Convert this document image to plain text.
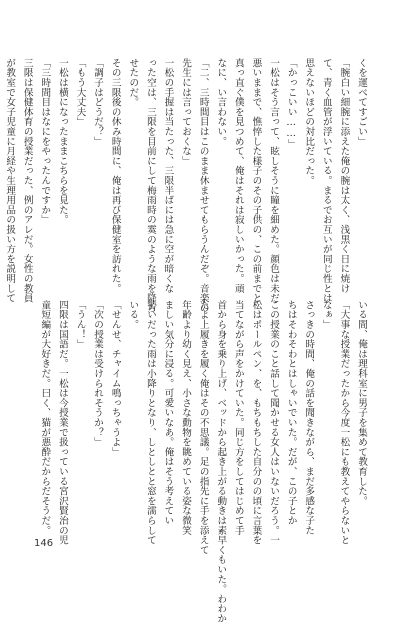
くを運べてすごい」
「腕白い細腕に添えた俺の腕は太く、浅黒く日に焼け
て、青く血管が浮いている。まるでお互いが同じ性とは
思えないほどの対比だった。
「かっこいい……」
一松はそう言って、眩しそうに瞳を細めた。顔色は未だ
悪いままで、憔悴した様子のその子供の、この前までと
真っ直ぐ僕を見つめて、俺はそれは寂しいかった。頑
なに、い言わない。
「二、三時間目はこのまま休ませてもらうんだぞ。音楽の
先生には言っておくな」
一松の手握は当たった、三限半ばには急に空が暗くな
った空は、三限を目前にして梅雨時の霙のような雨を降ら
せたのだ。
その三限後の休み時間に、俺は再び保健室を訪れた。
「調子はどうだ？」
「もう大丈夫」
一松は横になったままこちらを見た。
「三時間目はなにをやったんですか」
三限は保健体育の授業だった、例のアレだ。女性の教員
が教室で女子児童に月経や生理用品の扱い方を説明して
いる間、俺は理科室に男子を集めて教育した。
「大事な授業だったから今度一松にも教えてやらないと
なぁ」
さっきの時間、俺の話を聞きながら、まだ多感な子た
ちはそわそわとはしゃいでいた。だが、この子とか
この授業のこと話して聞かせる女人はいないだろう。一
松はポールペン、を、もちもちした自分のの頃に言葉を
当てながら声をかけていた。同じ方をしてはじめて手
首から身を乗り上げ、ベッドから起き上がる動きは素早くもいた。わわか
たよ上履きを履く俺はその不思議。足の指先に手を添えて
年齢より幼く見え、小さな動物を眺めている姿な微笑
ましい気分に浸る。可愛いなあ。俺はそう考えてい
勢いだった雨は小降りとなり、しとしとと窓を濡らして
いる。
「せんせ、チャイム鳴っちゃうよ」
「次の授業は受けられそうか？」
「うん！」
四限は国語だ。一松は今授業で扱っている宮沢賢治の児
童短編が大好きだ。曰く、猫が悪酔だからだそうだ。
146
